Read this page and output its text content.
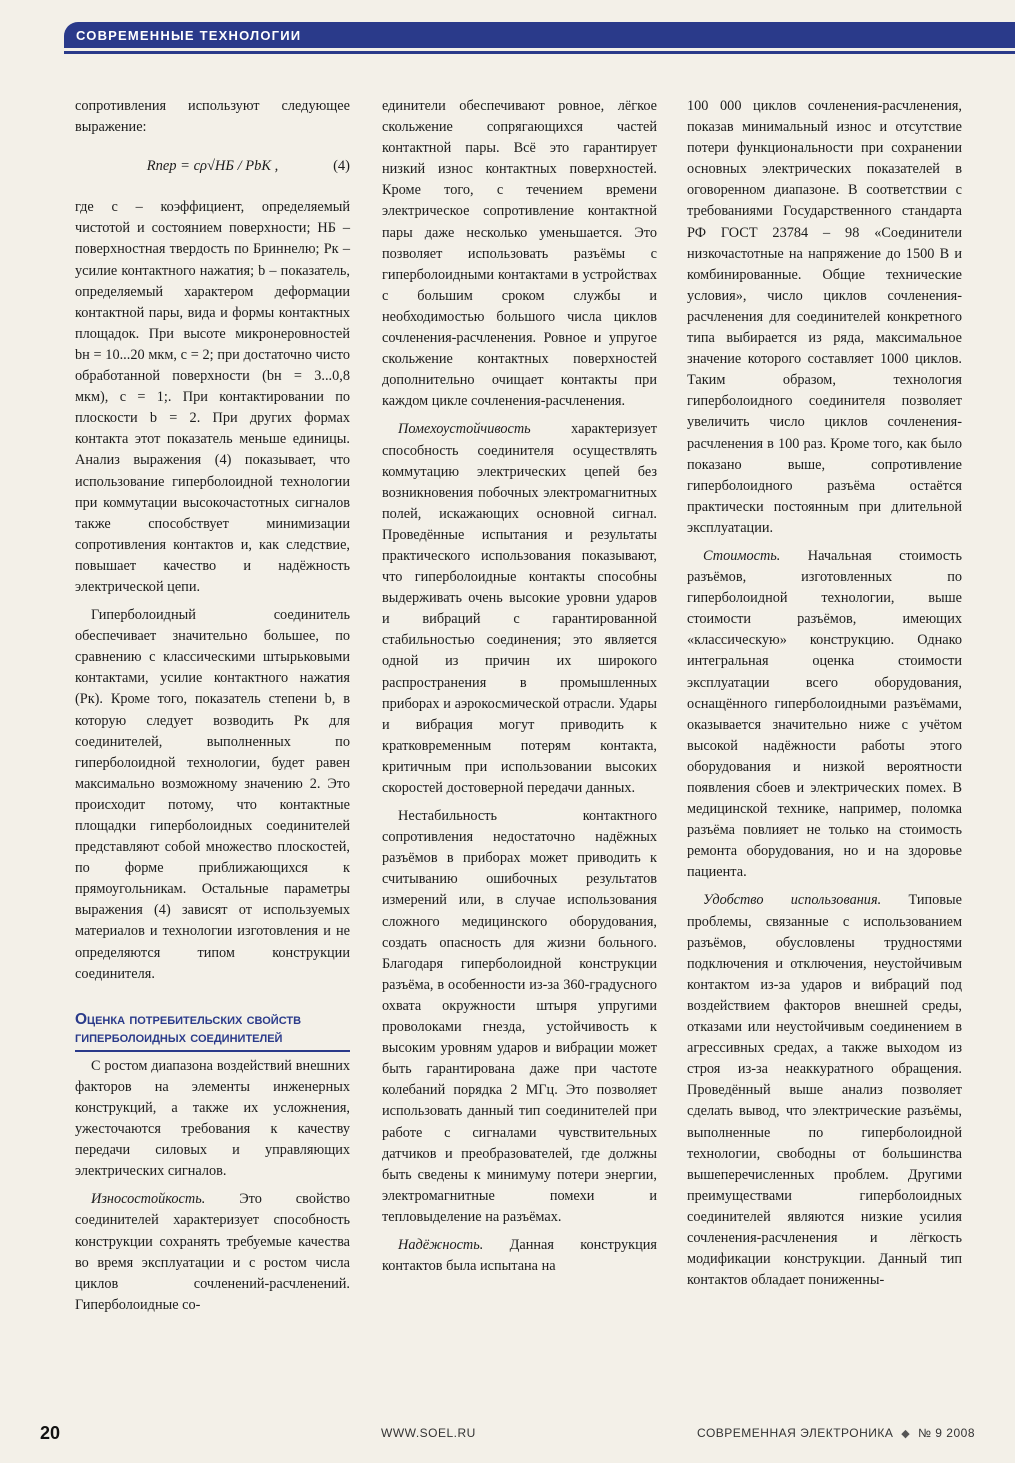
СОВРЕМЕННЫЕ ТЕХНОЛОГИИ

сопротивления используют следующее выражение:

Rпер = cρ√HБ / PbК ,	(4)

где c – коэффициент, определяемый чистотой и состоянием поверхности; HБ – поверхностная твердость по Бриннелю; Pк – усилие контактного нажатия; b – показатель, определяемый характером деформации контактной пары, вида и формы контактных площадок. При высоте микронеровностей bн = 10...20 мкм, c = 2; при достаточно чисто обработанной поверхности (bн = 3...0,8 мкм), c = 1;. При контактировании по плоскости b = 2. При других формах контакта этот показатель меньше единицы. Анализ выражения (4) показывает, что использование гиперболоидной технологии при коммутации высокочастотных сигналов также способствует минимизации сопротивления контактов и, как следствие, повышает качество и надёжность электрической цепи.

Гиперболоидный соединитель обеспечивает значительно большее, по сравнению с классическими штырьковыми контактами, усилие контактного нажатия (Pк). Кроме того, показатель степени b, в которую следует возводить Pк для соединителей, выполненных по гиперболоидной технологии, будет равен максимально возможному значению 2. Это происходит потому, что контактные площадки гиперболоидных соединителей представляют собой множество плоскостей, по форме приближающихся к прямоугольникам. Остальные параметры выражения (4) зависят от используемых материалов и технологии изготовления и не определяются типом конструкции соединителя.

Оценка потребительских свойств гиперболоидных соединителей

С ростом диапазона воздействий внешних факторов на элементы инженерных конструкций, а также их усложнения, ужесточаются требования к качеству передачи силовых и управляющих электрических сигналов.

Износостойкость. Это свойство соединителей характеризует способность конструкции сохранять требуемые качества во время эксплуатации и с ростом числа циклов сочленений-расчленений. Гиперболоидные со-

единители обеспечивают ровное, лёгкое скольжение сопрягающихся частей контактной пары. Всё это гарантирует низкий износ контактных поверхностей. Кроме того, с течением времени электрическое сопротивление контактной пары даже несколько уменьшается. Это позволяет использовать разъёмы с гиперболоидными контактами в устройствах с большим сроком службы и необходимостью большого числа циклов сочленения-расчленения. Ровное и упругое скольжение контактных поверхностей дополнительно очищает контакты при каждом цикле сочленения-расчленения.

Помехоустойчивость характеризует способность соединителя осуществлять коммутацию электрических цепей без возникновения побочных электромагнитных полей, искажающих основной сигнал. Проведённые испытания и результаты практического использования показывают, что гиперболоидные контакты способны выдерживать очень высокие уровни ударов и вибраций с гарантированной стабильностью соединения; это является одной из причин их широкого распространения в промышленных приборах и аэрокосмической отрасли. Удары и вибрация могут приводить к кратковременным потерям контакта, критичным при использовании высоких скоростей достоверной передачи данных.

Нестабильность контактного сопротивления недостаточно надёжных разъёмов в приборах может приводить к считыванию ошибочных результатов измерений или, в случае использования сложного медицинского оборудования, создать опасность для жизни больного. Благодаря гиперболоидной конструкции разъёма, в особенности из-за 360-градусного охвата окружности штыря упругими проволоками гнезда, устойчивость к высоким уровням ударов и вибрации может быть гарантирована даже при частоте колебаний порядка 2 МГц. Это позволяет использовать данный тип соединителей при работе с сигналами чувствительных датчиков и преобразователей, где должны быть сведены к минимуму потери энергии, электромагнитные помехи и тепловыделение на разъёмах.

Надёжность. Данная конструкция контактов была испытана на

100 000 циклов сочленения-расчленения, показав минимальный износ и отсутствие потери функциональности при сохранении основных электрических показателей в оговоренном диапазоне. В соответствии с требованиями Государственного стандарта РФ ГОСТ 23784 – 98 «Соединители низкочастотные на напряжение до 1500 В и комбинированные. Общие технические условия», число циклов сочленения-расчленения для соединителей конкретного типа выбирается из ряда, максимальное значение которого составляет 1000 циклов. Таким образом, технология гиперболоидного соединителя позволяет увеличить число циклов сочленения-расчленения в 100 раз. Кроме того, как было показано выше, сопротивление гиперболоидного разъёма остаётся практически постоянным при длительной эксплуатации.

Стоимость. Начальная стоимость разъёмов, изготовленных по гиперболоидной технологии, выше стоимости разъёмов, имеющих «классическую» конструкцию. Однако интегральная оценка стоимости эксплуатации всего оборудования, оснащённого гиперболоидными разъёмами, оказывается значительно ниже с учётом высокой надёжности работы этого оборудования и низкой вероятности появления сбоев и электрических помех. В медицинской технике, например, поломка разъёма повлияет не только на стоимость ремонта оборудования, но и на здоровье пациента.

Удобство использования. Типовые проблемы, связанные с использованием разъёмов, обусловлены трудностями подключения и отключения, неустойчивым контактом из-за ударов и вибраций под воздействием факторов внешней среды, отказами или неустойчивым соединением в агрессивных средах, а также выходом из строя из-за неаккуратного обращения. Проведённый выше анализ позволяет сделать вывод, что электрические разъёмы, выполненные по гиперболоидной технологии, свободны от большинства вышеперечисленных проблем. Другими преимуществами гиперболоидных соединителей являются низкие усилия сочленения-расчленения и лёгкость модификации конструкции. Данный тип контактов обладает пониженны-

20	WWW.SOEL.RU	СОВРЕМЕННАЯ ЭЛЕКТРОНИКА ◆ № 9 2008
